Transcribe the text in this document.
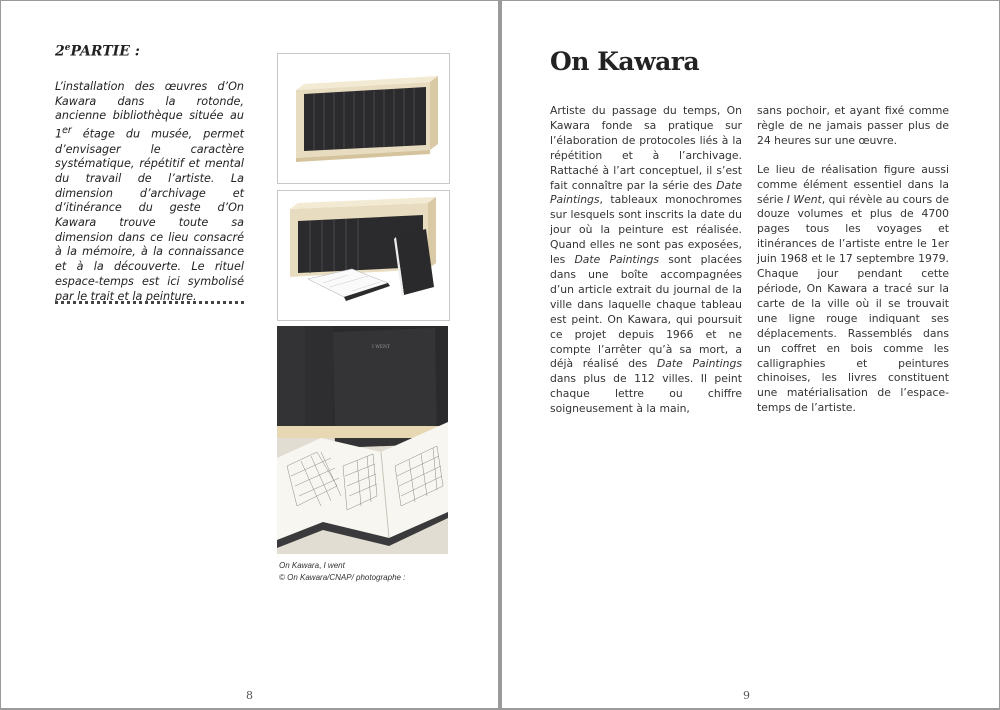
2ePARTIE :

L’installation des œuvres d’On Kawara dans la rotonde, ancienne bibliothèque située au 1er étage du musée, permet d’envisager le caractère systématique, répétitif et mental du travail de l’artiste. La dimension d’archivage et d’itinérance du geste d’On Kawara trouve toute sa dimension dans ce lieu consacré à la mémoire, à la connaissance et à la découverte. Le rituel espace-temps est ici symbolisé par le trait et la peinture.

I WENT

On Kawara, I went
© On Kawara/CNAP/ photographe :

8
On Kawara

Artiste du passage du temps, On Kawara fonde sa pratique sur l’élaboration de protocoles liés à la répétition et à l’archivage. Rattaché à l’art conceptuel, il s’est fait connaître par la série des Date Paintings, tableaux monochromes sur lesquels sont inscrits la date du jour où la peinture est réalisée. Quand elles ne sont pas exposées, les Date Paintings sont placées dans une boîte accompagnées d’un article extrait du journal de la ville dans laquelle chaque tableau est peint. On Kawara, qui poursuit ce projet depuis 1966 et ne compte l’arrêter qu’à sa mort, a déjà réalisé des Date Paintings dans plus de 112 villes. Il peint chaque lettre ou chiffre soigneusement à la main,

sans pochoir, et ayant fixé comme règle de ne jamais passer plus de 24 heures sur une œuvre.

Le lieu de réalisation figure aussi comme élément essentiel dans la série I Went, qui révèle au cours de douze volumes et plus de 4700 pages tous les voyages et itinérances de l’artiste entre le 1er juin 1968 et le 17 septembre 1979. Chaque jour pendant cette période, On Kawara a tracé sur la carte de la ville où il se trouvait une ligne rouge indiquant ses déplacements. Rassemblés dans un coffret en bois comme les calligraphies et peintures chinoises, les livres constituent une matérialisation de l’espace-temps de l’artiste.

9
